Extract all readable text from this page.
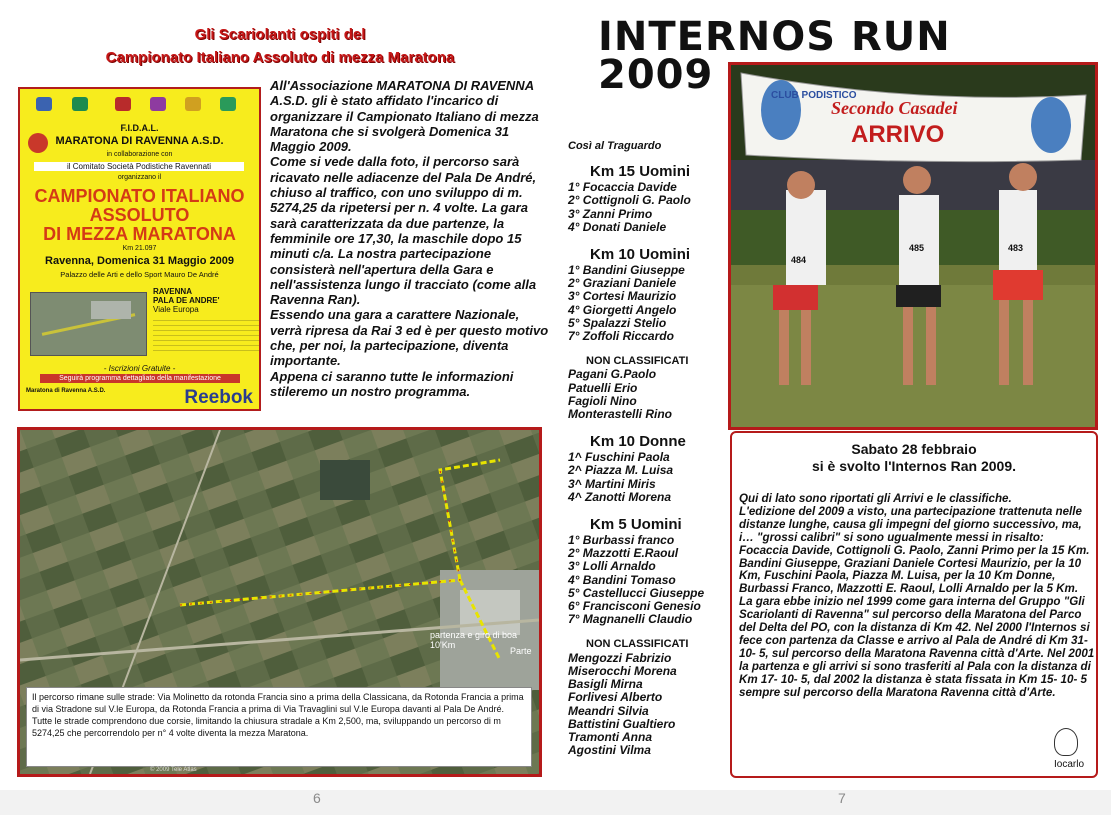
Gli Scariolanti ospiti del
Campionato Italiano Assoluto di mezza Maratona
F.I.D.A.L.
MARATONA DI RAVENNA A.S.D.
in collaborazione con
il Comitato Società Podistiche Ravennati
organizzano il
CAMPIONATO ITALIANO
ASSOLUTO
DI MEZZA MARATONA
Km 21.097
Ravenna, Domenica 31 Maggio 2009
Palazzo delle Arti e dello Sport Mauro De André
RAVENNA
PALA DE ANDRE'
Viale Europa
- Iscrizioni Gratuite -
Seguirà programma dettagliato della manifestazione
Maratona di Ravenna A.S.D.	Reebok

All'Associazione MARATONA DI RAVENNA A.S.D. gli è stato affidato l'incarico di organizzare il Campionato Italiano di mezza Maratona che si svolgerà Domenica 31 Maggio 2009.

Come si vede dalla foto, il percorso sarà ricavato nelle adiacenze del Pala De André, chiuso al traffico, con uno sviluppo di m. 5274,25 da ripetersi per n. 4 volte. La gara sarà caratterizzata da due partenze, la femminile ore 17,30, la maschile dopo 15 minuti c/a. La nostra partecipazione consisterà nell'apertura della Gara e nell'assistenza lungo il tracciato (come alla Ravenna Ran).

Essendo una gara a carattere Nazionale, verrà ripresa da Rai 3 ed è per questo motivo che, per noi, la partecipazione, diventa importante.

Appena ci saranno tutte le informazioni stileremo un nostro programma.

partenza e giro di boa 10'Km
Parte
Il percorso rimane sulle strade: Via Molinetto da rotonda Francia sino a prima della Classicana, da Rotonda Francia a prima di via Stradone sul V.le Europa, da Rotonda Francia a prima di Via Travaglini sul V.le Europa davanti al Pala De André. Tutte le strade comprendono due corsie, limitando la chiusura stradale a Km 2,500, ma, sviluppando un percorso di m 5274,25 che percorrendolo per n° 4 volte diventa la mezza Maratona.
© 2009 Tele Atlas
6	7
INTERNOS RUN
2009
Così al Traguardo
Km 15 Uomini
1° Focaccia Davide
2° Cottignoli G. Paolo
3° Zanni Primo
4° Donati Daniele
Km 10 Uomini
1° Bandini Giuseppe
2° Graziani Daniele
3° Cortesi Maurizio
4° Giorgetti Angelo
5° Spalazzi Stelio
7° Zoffoli Riccardo
NON CLASSIFICATI
Pagani G.Paolo
Patuelli Erio
Fagioli Nino
Monterastelli Rino
Km 10 Donne
1^ Fuschini Paola
2^ Piazza M. Luisa
3^ Martini Miris
4^ Zanotti Morena
Km 5 Uomini
1° Burbassi franco
2° Mazzotti E.Raoul
3° Lolli Arnaldo
4° Bandini Tomaso
5° Castellucci Giuseppe
6° Francisconi Genesio
7° Magnanelli Claudio
NON CLASSIFICATI
Mengozzi Fabrizio
Miserocchi Morena
Basigli Mirna
Forlivesi Alberto
Meandri Silvia
Battistini Gualtiero
Tramonti Anna
Agostini Vilma
CLUB PODISTICO
Secondo Casadei
ARRIVO
484
485	483
Sabato 28 febbraio
si è svolto l'Internos Ran 2009.

Qui di lato sono riportati gli Arrivi e le classifiche.

L'edizione del 2009 a visto, una partecipazione trattenuta nelle distanze lunghe, causa gli impegni del giorno successivo, ma, i… "grossi calibri" si sono ugualmente messi in risalto: Focaccia Davide, Cottignoli G. Paolo, Zanni Primo per la 15 Km. Bandini Giuseppe, Graziani Daniele Cortesi Maurizio, per la 10 Km, Fuschini Paola, Piazza M. Luisa, per la 10 Km Donne, Burbassi Franco, Mazzotti E. Raoul, Lolli Arnaldo per la 5 Km.

La gara ebbe inizio nel 1999 come gara interna del Gruppo "Gli Scariolanti di Ravenna" sul percorso della Maratona del Parco del Delta del PO, con la distanza di Km 42. Nel 2000 l'Internos si fece con partenza da Classe e arrivo al Pala de André di Km 31- 10- 5, sul percorso della Maratona Ravenna città d'Arte. Nel 2001 la partenza e gli arrivi si sono trasferiti al Pala con la distanza di Km 17- 10- 5, dal 2002 la distanza è stata fissata in Km 15- 10- 5 sempre sul percorso della Maratona Ravenna città d'Arte.

Iocarlo
